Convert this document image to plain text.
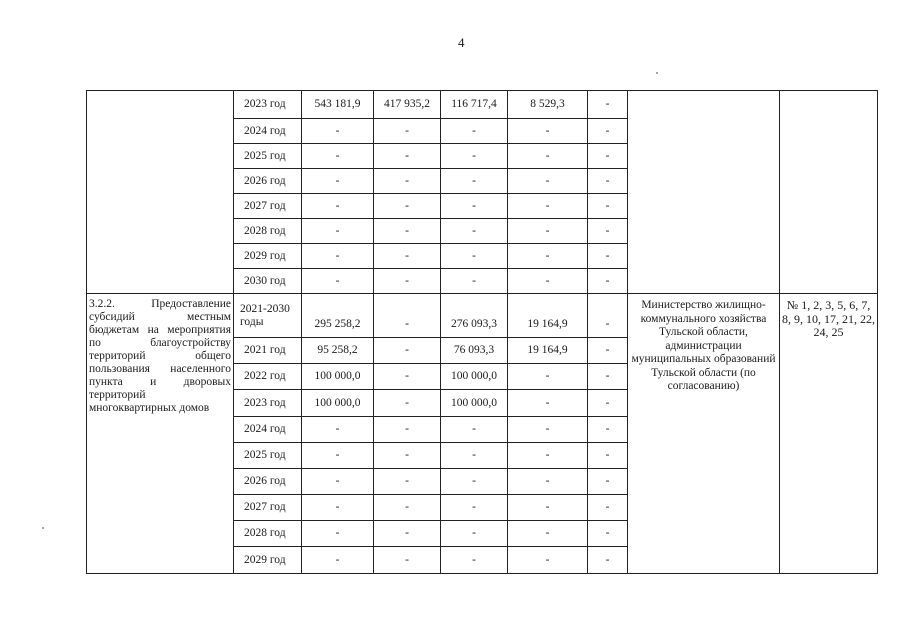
4
	2023 год	543 181,9	417 935,2	116 717,4	8 529,3	-		
	2024 год	-	-	-	-	-		
	2025 год	-	-	-	-	-		
	2026 год	-	-	-	-	-		
	2027 год	-	-	-	-	-		
	2028 год	-	-	-	-	-		
	2029 год	-	-	-	-	-		
	2030 год	-	-	-	-	-		
3.2.2. Предоставление субсидий местным бюджетам на мероприятия по благоустройству территорий общего пользования населенного пункта и дворовых территорий многоквартирных домов	2021-2030 годы	295 258,2	-	276 093,3	19 164,9	-	Министерство жилищно-коммунального хозяйства Тульской области, администрации муниципальных образований Тульской области (по согласованию)	№ 1, 2, 3, 5, 6, 7, 8, 9, 10, 17, 21, 22, 24, 25
	2021 год	95 258,2	-	76 093,3	19 164,9	-		
	2022 год	100 000,0	-	100 000,0	-	-		
	2023 год	100 000,0	-	100 000,0	-	-		
	2024 год	-	-	-	-	-		
	2025 год	-	-	-	-	-		
	2026 год	-	-	-	-	-		
	2027 год	-	-	-	-	-		
	2028 год	-	-	-	-	-		
	2029 год	-	-	-	-	-		
